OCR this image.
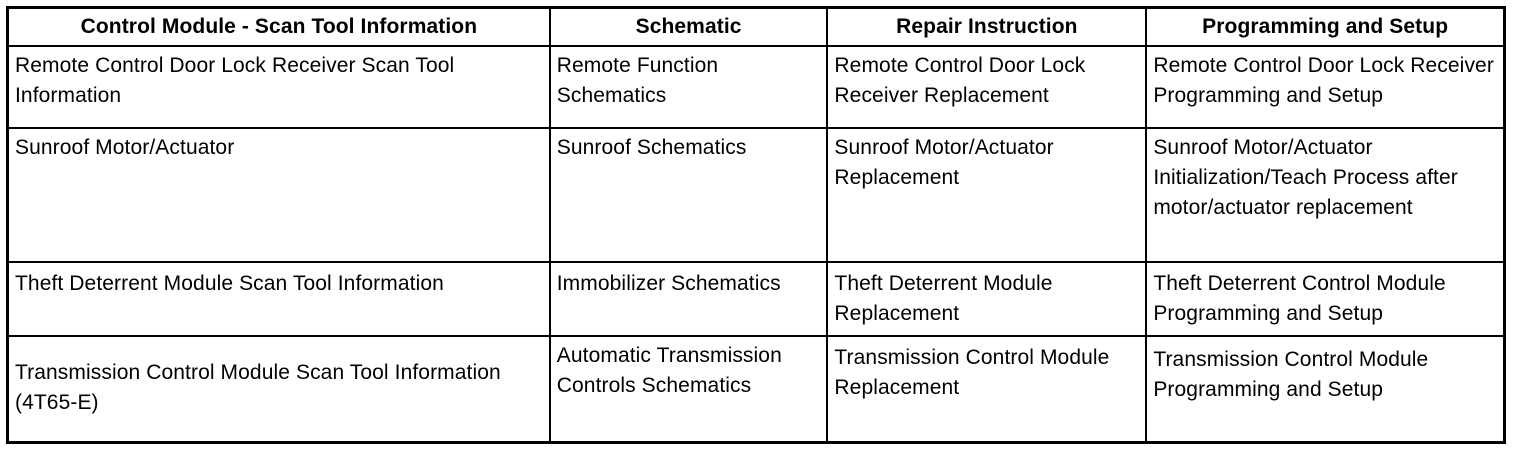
Control Module - Scan Tool Information	Schematic	Repair Instruction	Programming and Setup
Remote Control Door Lock Receiver Scan Tool Information	Remote Function Schematics	Remote Control Door Lock Receiver Replacement	Remote Control Door Lock Receiver Programming and Setup
Sunroof Motor/Actuator	Sunroof Schematics	Sunroof Motor/Actuator Replacement	Sunroof Motor/Actuator Initialization/Teach Process after motor/actuator replacement
Theft Deterrent Module Scan Tool Information	Immobilizer Schematics	Theft Deterrent Module Replacement	Theft Deterrent Control Module Programming and Setup
Transmission Control Module Scan Tool Information (4T65-E)	Automatic Transmission Controls Schematics	Transmission Control Module Replacement	Transmission Control Module Programming and Setup
